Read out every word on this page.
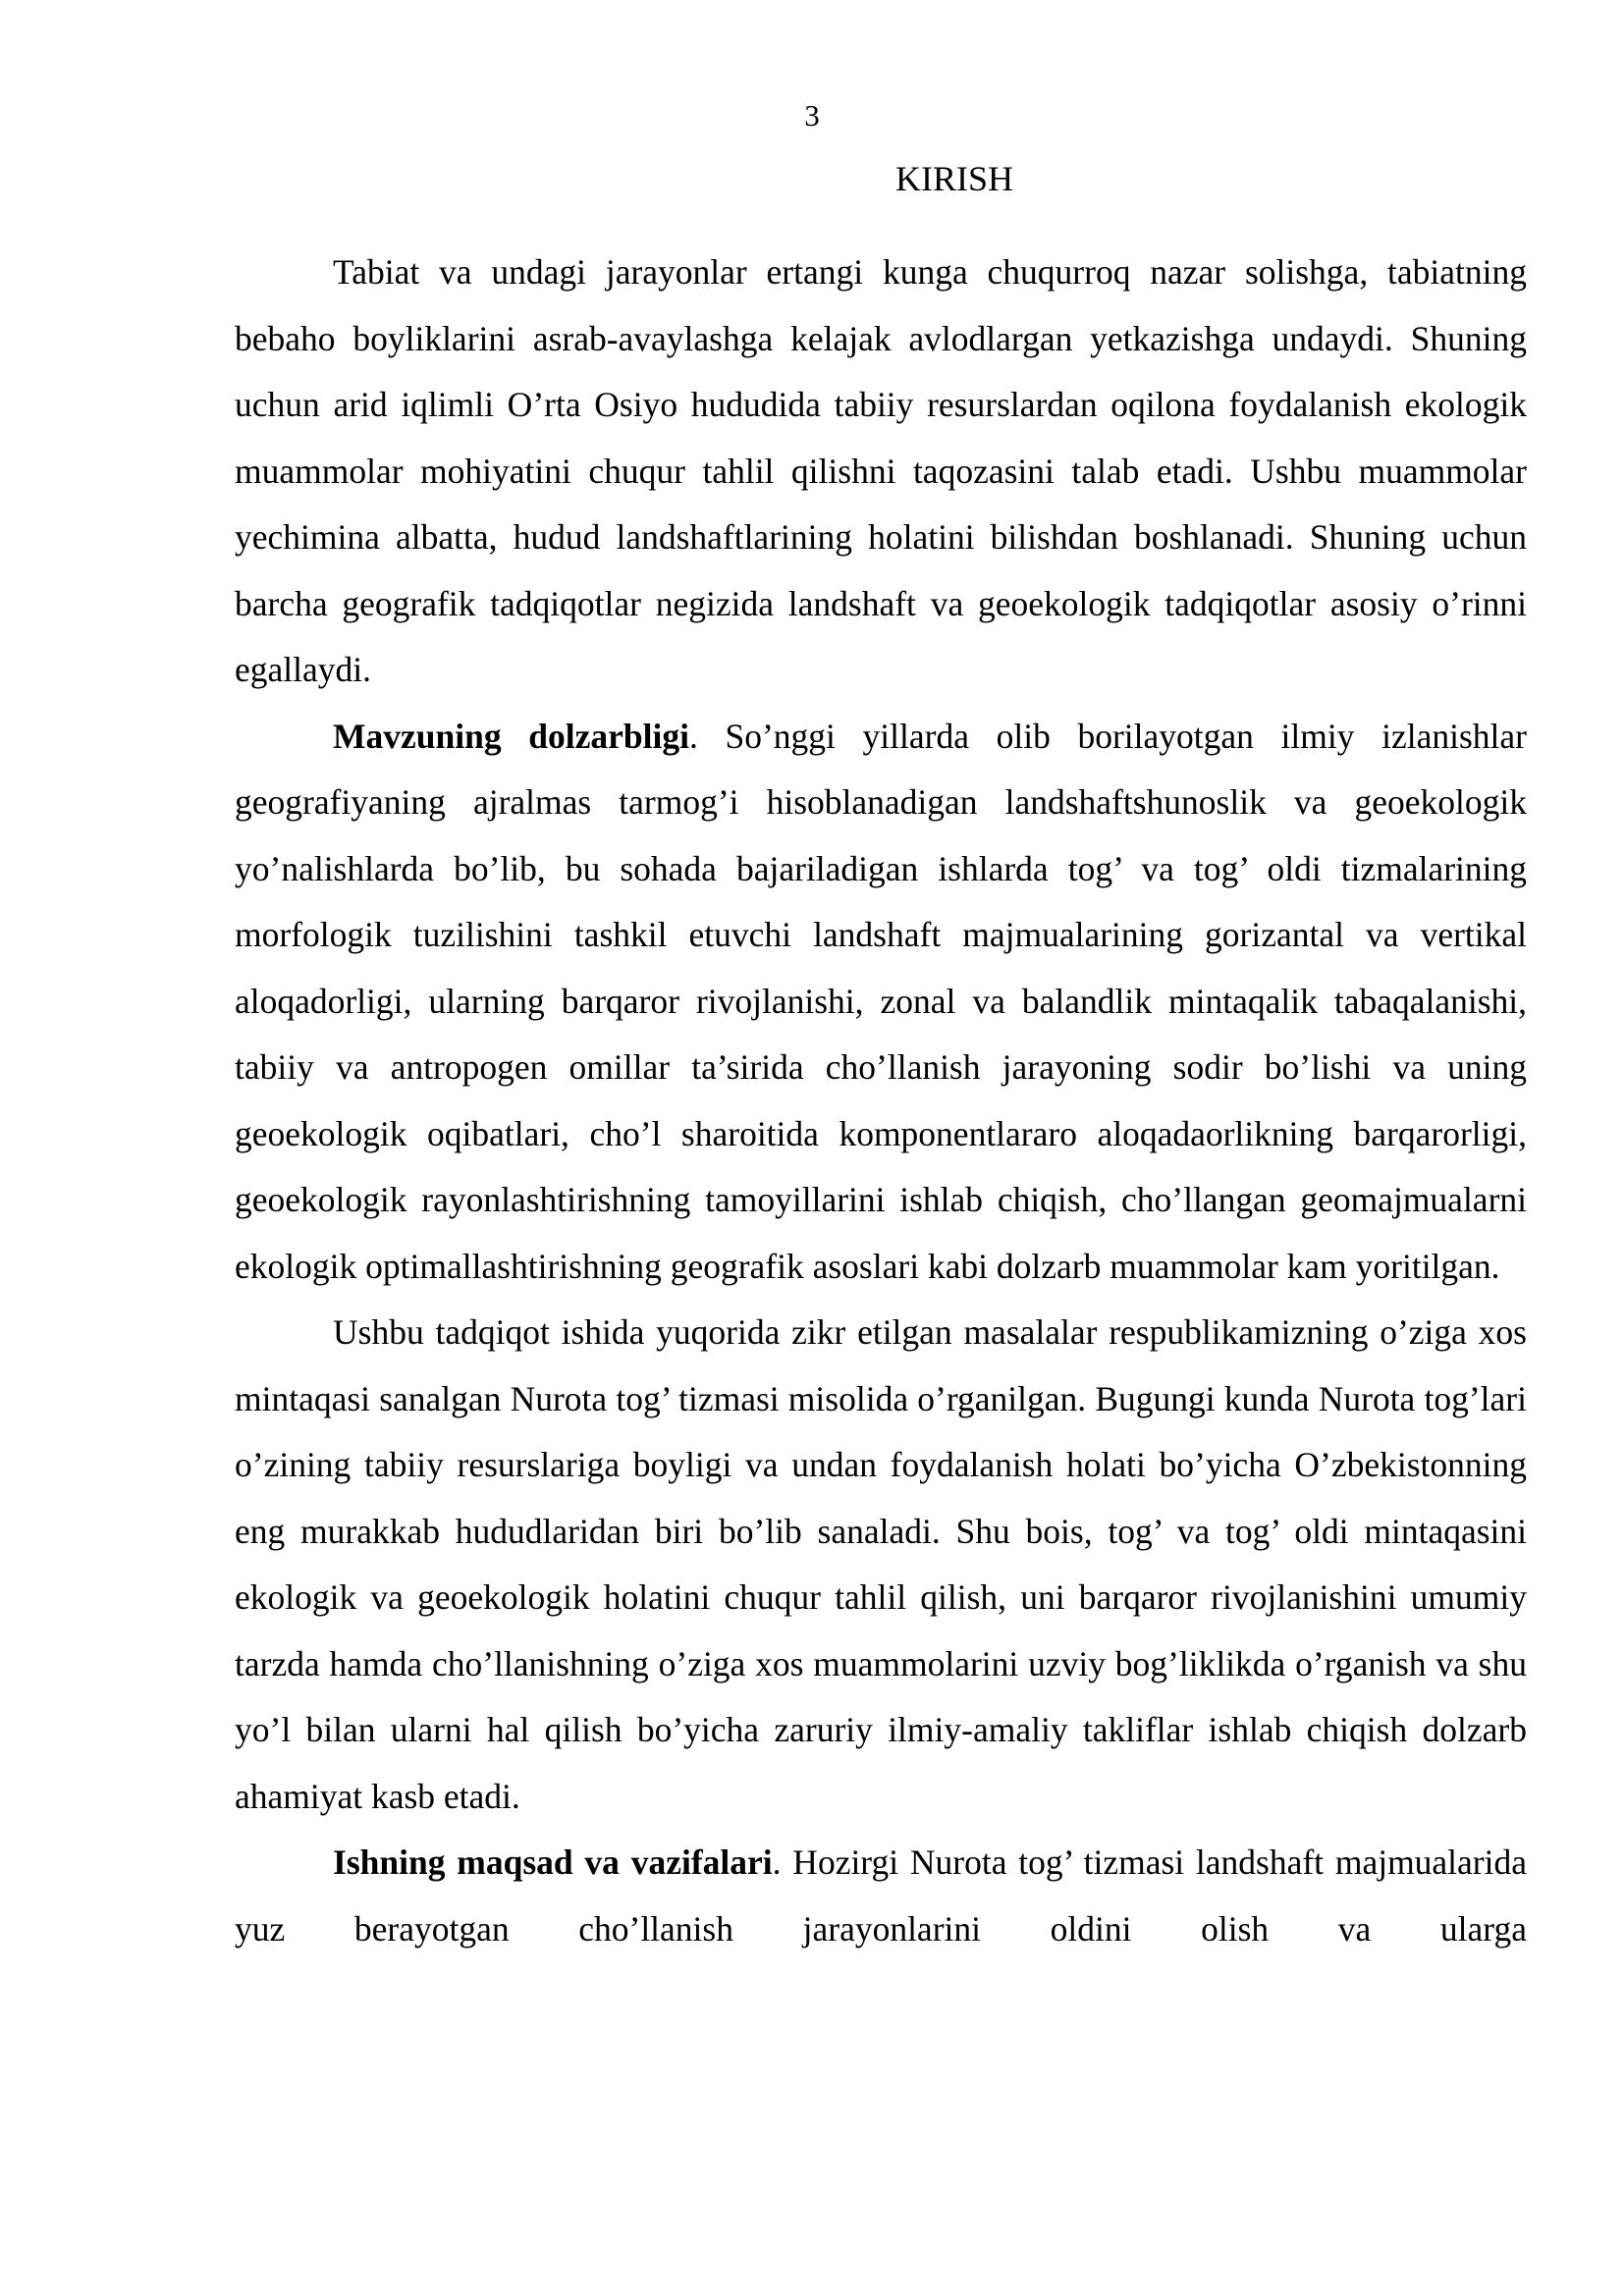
3
KIRISH

Tabiat va undagi jarayonlar ertangi kunga chuqurroq nazar solishga, tabiatning bebaho boyliklarini asrab-avaylashga kelajak avlodlargan yetkazishga undaydi. Shuning uchun arid iqlimli O’rta Osiyo hududida tabiiy resurslardan oqilona foydalanish ekologik muammolar mohiyatini chuqur tahlil qilishni taqozasini talab etadi. Ushbu muammolar yechimina albatta, hudud landshaftlarining holatini bilishdan boshlanadi. Shuning uchun barcha geografik tadqiqotlar negizida landshaft va geoekologik tadqiqotlar asosiy o’rinni egallaydi.

Mavzuning dolzarbligi. So’nggi yillarda olib borilayotgan ilmiy izlanishlar geografiyaning ajralmas tarmog’i hisoblanadigan landshaftshunoslik va geoekologik yo’nalishlarda bo’lib, bu sohada bajariladigan ishlarda tog’ va tog’ oldi tizmalarining morfologik tuzilishini tashkil etuvchi landshaft majmualarining gorizantal va vertikal aloqadorligi, ularning barqaror rivojlanishi, zonal va balandlik mintaqalik tabaqalanishi, tabiiy va antropogen omillar ta’sirida cho’llanish jarayoning sodir bo’lishi va uning geoekologik oqibatlari, cho’l sharoitida komponentlararo aloqadaorlikning barqarorligi, geoekologik rayonlashtirishning tamoyillarini ishlab chiqish, cho’llangan geomajmualarni ekologik optimallashtirishning geografik asoslari kabi dolzarb muammolar kam yoritilgan.

Ushbu tadqiqot ishida yuqorida zikr etilgan masalalar respublikamizning o’ziga xos mintaqasi sanalgan Nurota tog’ tizmasi misolida o’rganilgan. Bugungi kunda Nurota tog’lari o’zining tabiiy resurslariga boyligi va undan foydalanish holati bo’yicha O’zbekistonning eng murakkab hududlaridan biri bo’lib sanaladi. Shu bois, tog’ va tog’ oldi mintaqasini ekologik va geoekologik holatini chuqur tahlil qilish, uni barqaror rivojlanishini umumiy tarzda hamda cho’llanishning o’ziga xos muammolarini uzviy bog’liklikda o’rganish va shu yo’l bilan ularni hal qilish bo’yicha zaruriy ilmiy-amaliy takliflar ishlab chiqish dolzarb ahamiyat kasb etadi.

Ishning maqsad va vazifalari. Hozirgi Nurota tog’ tizmasi landshaft majmualarida yuz berayotgan cho’llanish jarayonlarini oldini olish va ularga
